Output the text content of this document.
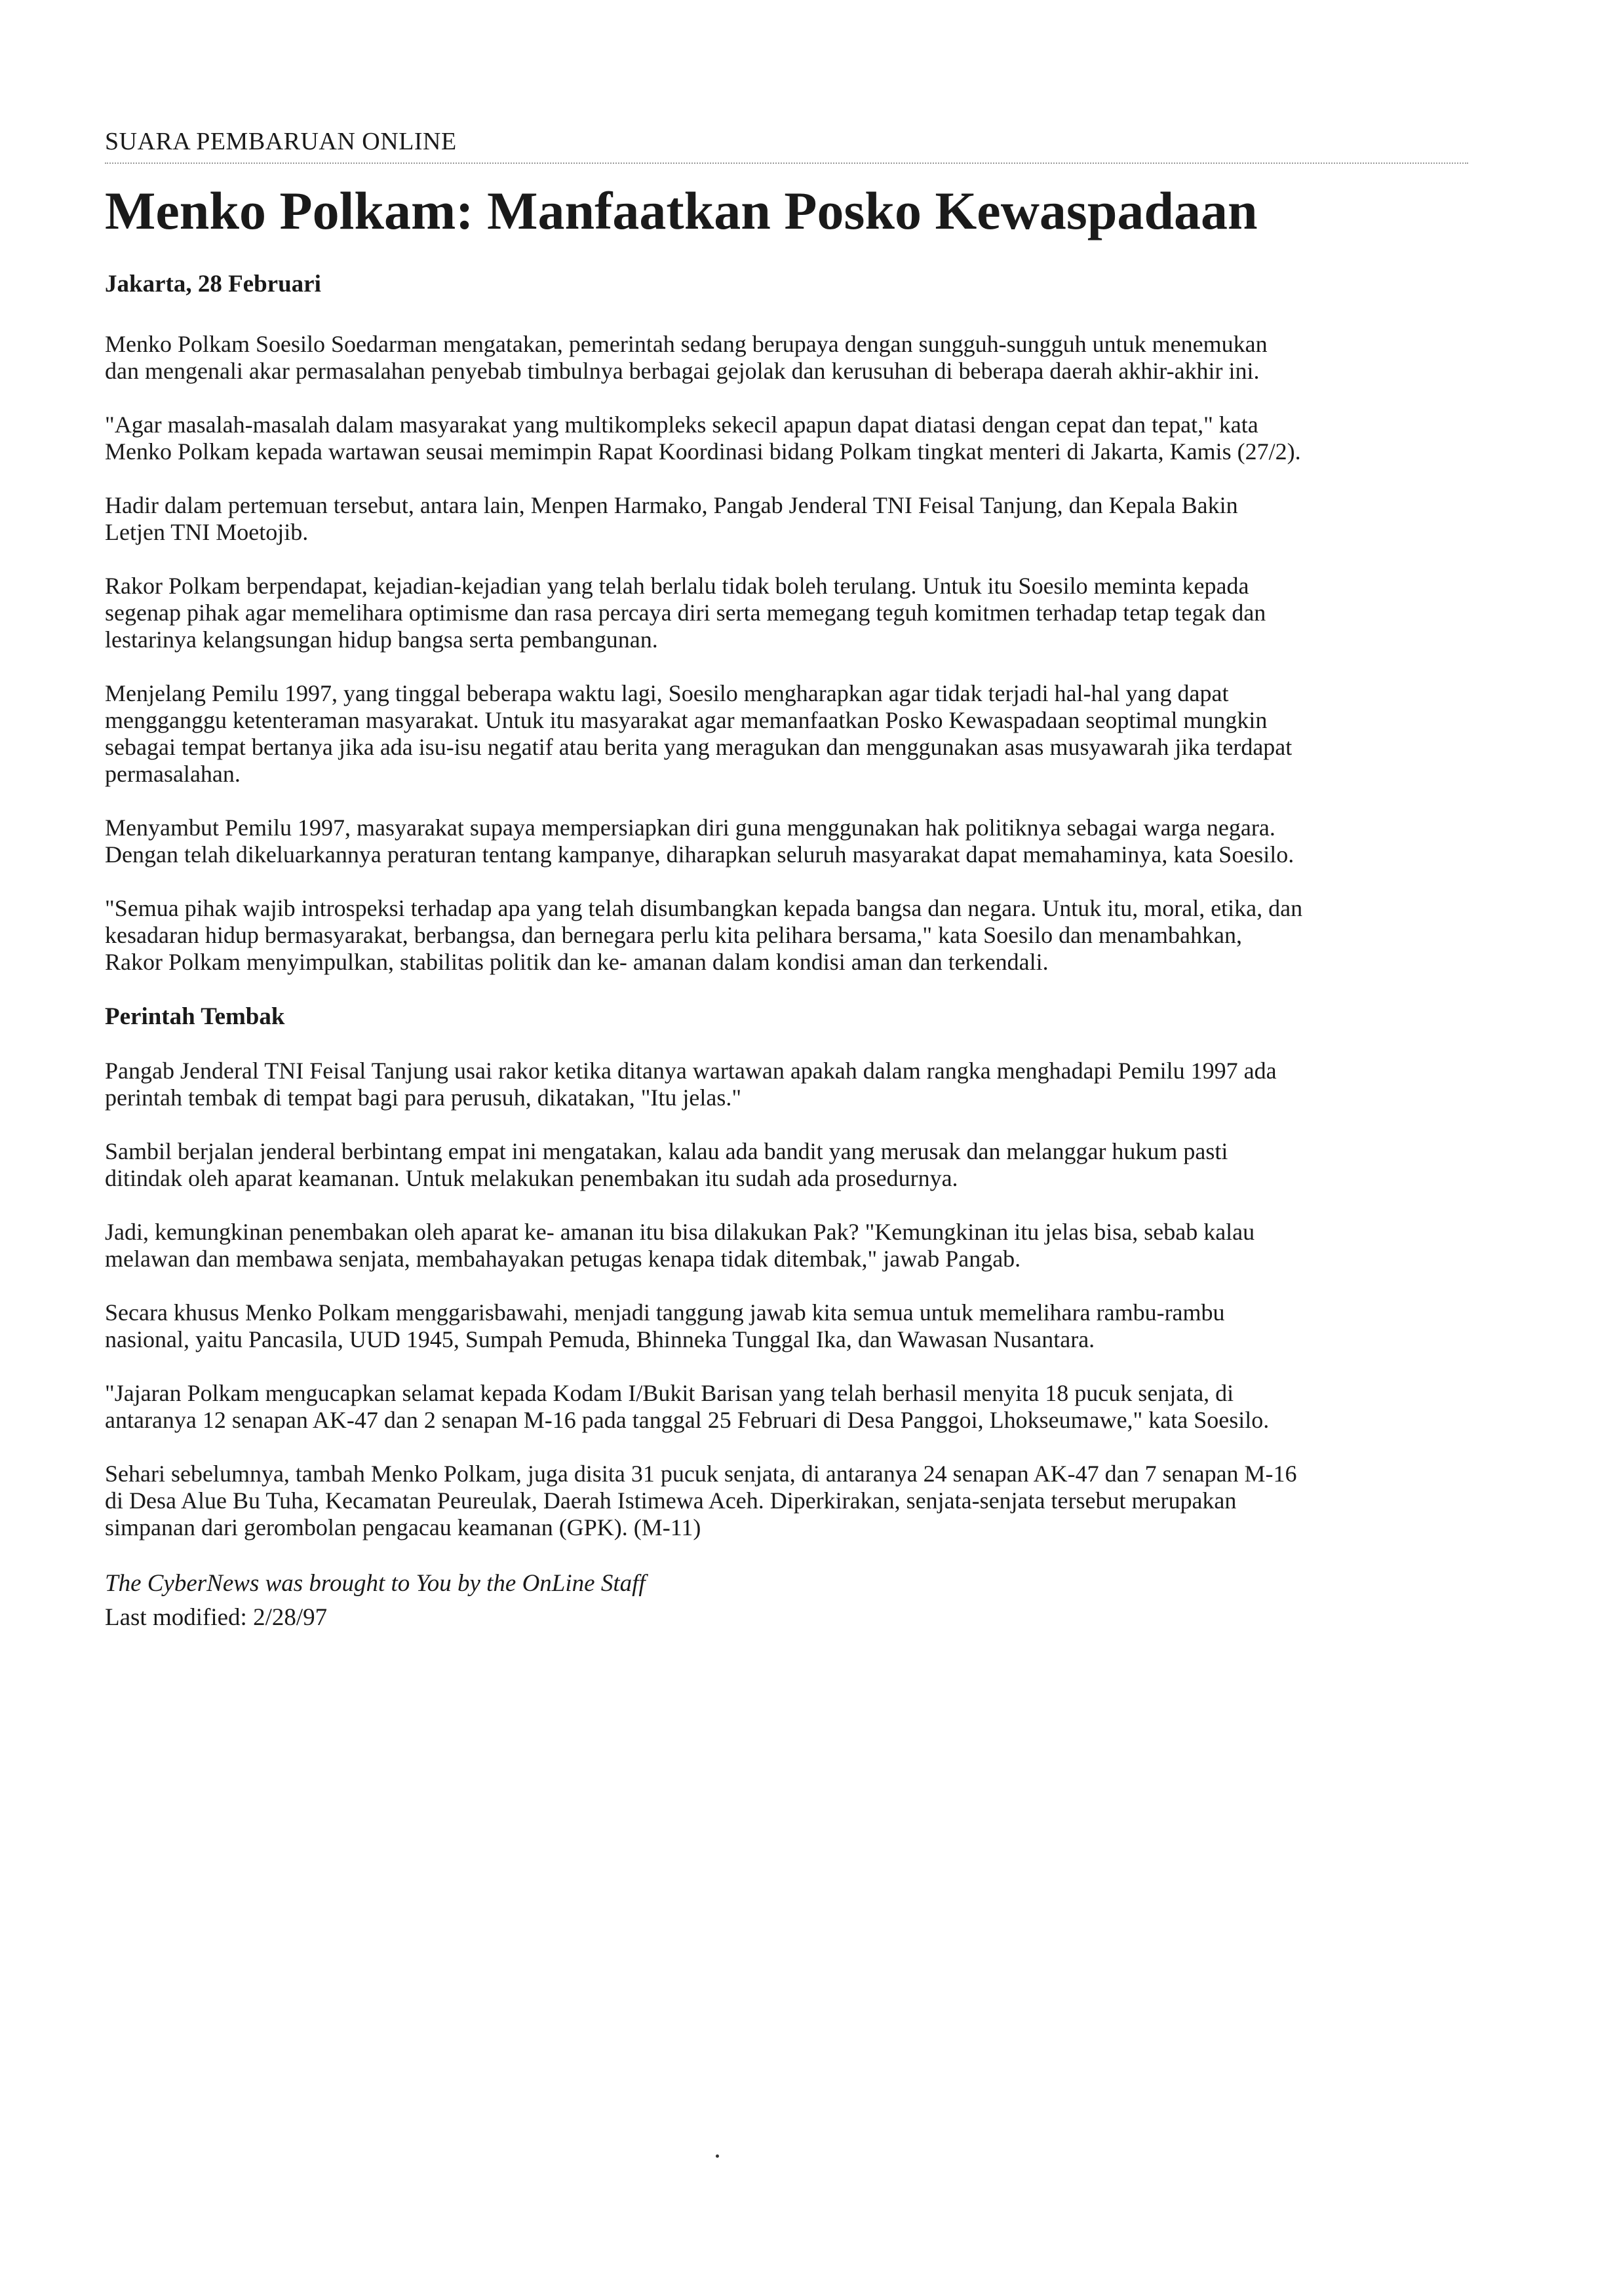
SUARA PEMBARUAN ONLINE

Menko Polkam: Manfaatkan Posko Kewaspadaan

Jakarta, 28 Februari

Menko Polkam Soesilo Soedarman mengatakan, pemerintah sedang berupaya dengan sungguh-sungguh untuk menemukan
dan mengenali akar permasalahan penyebab timbulnya berbagai gejolak dan kerusuhan di beberapa daerah akhir-akhir ini.

"Agar masalah-masalah dalam masyarakat yang multikompleks sekecil apapun dapat diatasi dengan cepat dan tepat," kata
Menko Polkam kepada wartawan seusai memimpin Rapat Koordinasi bidang Polkam tingkat menteri di Jakarta, Kamis (27/2).

Hadir dalam pertemuan tersebut, antara lain, Menpen Harmako, Pangab Jenderal TNI Feisal Tanjung, dan Kepala Bakin
Letjen TNI Moetojib.

Rakor Polkam berpendapat, kejadian-kejadian yang telah berlalu tidak boleh terulang. Untuk itu Soesilo meminta kepada
segenap pihak agar memelihara optimisme dan rasa percaya diri serta memegang teguh komitmen terhadap tetap tegak dan
lestarinya kelangsungan hidup bangsa serta pembangunan.

Menjelang Pemilu 1997, yang tinggal beberapa waktu lagi, Soesilo mengharapkan agar tidak terjadi hal-hal yang dapat
mengganggu ketenteraman masyarakat. Untuk itu masyarakat agar memanfaatkan Posko Kewaspadaan seoptimal mungkin
sebagai tempat bertanya jika ada isu-isu negatif atau berita yang meragukan dan menggunakan asas musyawarah jika terdapat
permasalahan.

Menyambut Pemilu 1997, masyarakat supaya mempersiapkan diri guna menggunakan hak politiknya sebagai warga negara.
Dengan telah dikeluarkannya peraturan tentang kampanye, diharapkan seluruh masyarakat dapat memahaminya, kata Soesilo.

"Semua pihak wajib introspeksi terhadap apa yang telah disumbangkan kepada bangsa dan negara. Untuk itu, moral, etika, dan
kesadaran hidup bermasyarakat, berbangsa, dan bernegara perlu kita pelihara bersama," kata Soesilo dan menambahkan,
Rakor Polkam menyimpulkan, stabilitas politik dan ke- amanan dalam kondisi aman dan terkendali.

Perintah Tembak

Pangab Jenderal TNI Feisal Tanjung usai rakor ketika ditanya wartawan apakah dalam rangka menghadapi Pemilu 1997 ada
perintah tembak di tempat bagi para perusuh, dikatakan, "Itu jelas."

Sambil berjalan jenderal berbintang empat ini mengatakan, kalau ada bandit yang merusak dan melanggar hukum pasti
ditindak oleh aparat keamanan. Untuk melakukan penembakan itu sudah ada prosedurnya.

Jadi, kemungkinan penembakan oleh aparat ke- amanan itu bisa dilakukan Pak? "Kemungkinan itu jelas bisa, sebab kalau
melawan dan membawa senjata, membahayakan petugas kenapa tidak ditembak," jawab Pangab.

Secara khusus Menko Polkam menggarisbawahi, menjadi tanggung jawab kita semua untuk memelihara rambu-rambu
nasional, yaitu Pancasila, UUD 1945, Sumpah Pemuda, Bhinneka Tunggal Ika, dan Wawasan Nusantara.

"Jajaran Polkam mengucapkan selamat kepada Kodam I/Bukit Barisan yang telah berhasil menyita 18 pucuk senjata, di
antaranya 12 senapan AK-47 dan 2 senapan M-16 pada tanggal 25 Februari di Desa Panggoi, Lhokseumawe," kata Soesilo.

Sehari sebelumnya, tambah Menko Polkam, juga disita 31 pucuk senjata, di antaranya 24 senapan AK-47 dan 7 senapan M-16
di Desa Alue Bu Tuha, Kecamatan Peureulak, Daerah Istimewa Aceh. Diperkirakan, senjata-senjata tersebut merupakan
simpanan dari gerombolan pengacau keamanan (GPK). (M-11)

The CyberNews was brought to You by the OnLine Staff

Last modified: 2/28/97
